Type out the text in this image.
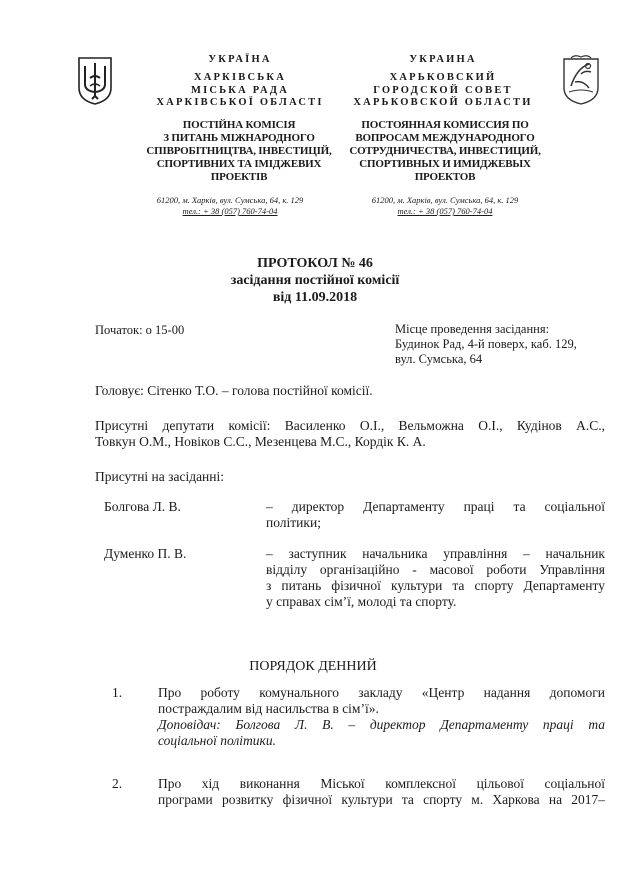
УКРАЇНА
ХАРКІВСЬКА
МІСЬКА РАДА
ХАРКІВСЬКОЇ ОБЛАСТІ
ПОСТІЙНА КОМІСІЯ
З ПИТАНЬ МІЖНАРОДНОГО
СПІВРОБІТНИЦТВА, ІНВЕСТИЦІЙ,
СПОРТИВНИХ ТА ІМІДЖЕВИХ
ПРОЕКТІВ
61200, м. Харків, вул. Сумська, 64, к. 129
тел.: + 38 (057) 760-74-04
УКРАИНА
ХАРЬКОВСКИЙ
ГОРОДСКОЙ СОВЕТ
ХАРЬКОВСКОЙ ОБЛАСТИ
ПОСТОЯННАЯ КОМИССИЯ ПО
ВОПРОСАМ МЕЖДУНАРОДНОГО
СОТРУДНИЧЕСТВА, ИНВЕСТИЦИЙ,
СПОРТИВНЫХ И ИМИДЖЕВЫХ
ПРОЕКТОВ
61200, м. Харків, вул. Сумська, 64, к. 129
тел.: + 38 (057) 760-74-04
ПРОТОКОЛ № 46
засідання постійної комісії
від 11.09.2018
Початок: о 15-00	Місце проведення засідання:
Будинок Рад, 4-й поверх, каб. 129,
вул. Сумська, 64
Головує: Сітенко Т.О. – голова постійної комісії.
Присутні депутати комісії: Василенко О.І., Вельможна О.І., Кудінов А.С.,
Товкун О.М., Новіков С.С., Мезенцева М.С., Кордік К. А.
Присутні на засіданні:
Болгова Л. В.	– директор Департаменту праці та соціальної
політики;
Думенко П. В.	– заступник начальника управління – начальник
відділу організаційно - масової роботи Управління
з питань фізичної культури та спорту Департаменту
у справах сім’ї, молоді та спорту.
ПОРЯДОК ДЕННИЙ
1.	Про роботу комунального закладу «Центр надання допомоги
постраждалим від насильства в сім’ї».
Доповідач: Болгова Л. В. – директор Департаменту праці та
соціальної політики.
2.	Про хід виконання Міської комплексної цільової соціальної
програми розвитку фізичної культури та спорту м. Харкова на 2017–
